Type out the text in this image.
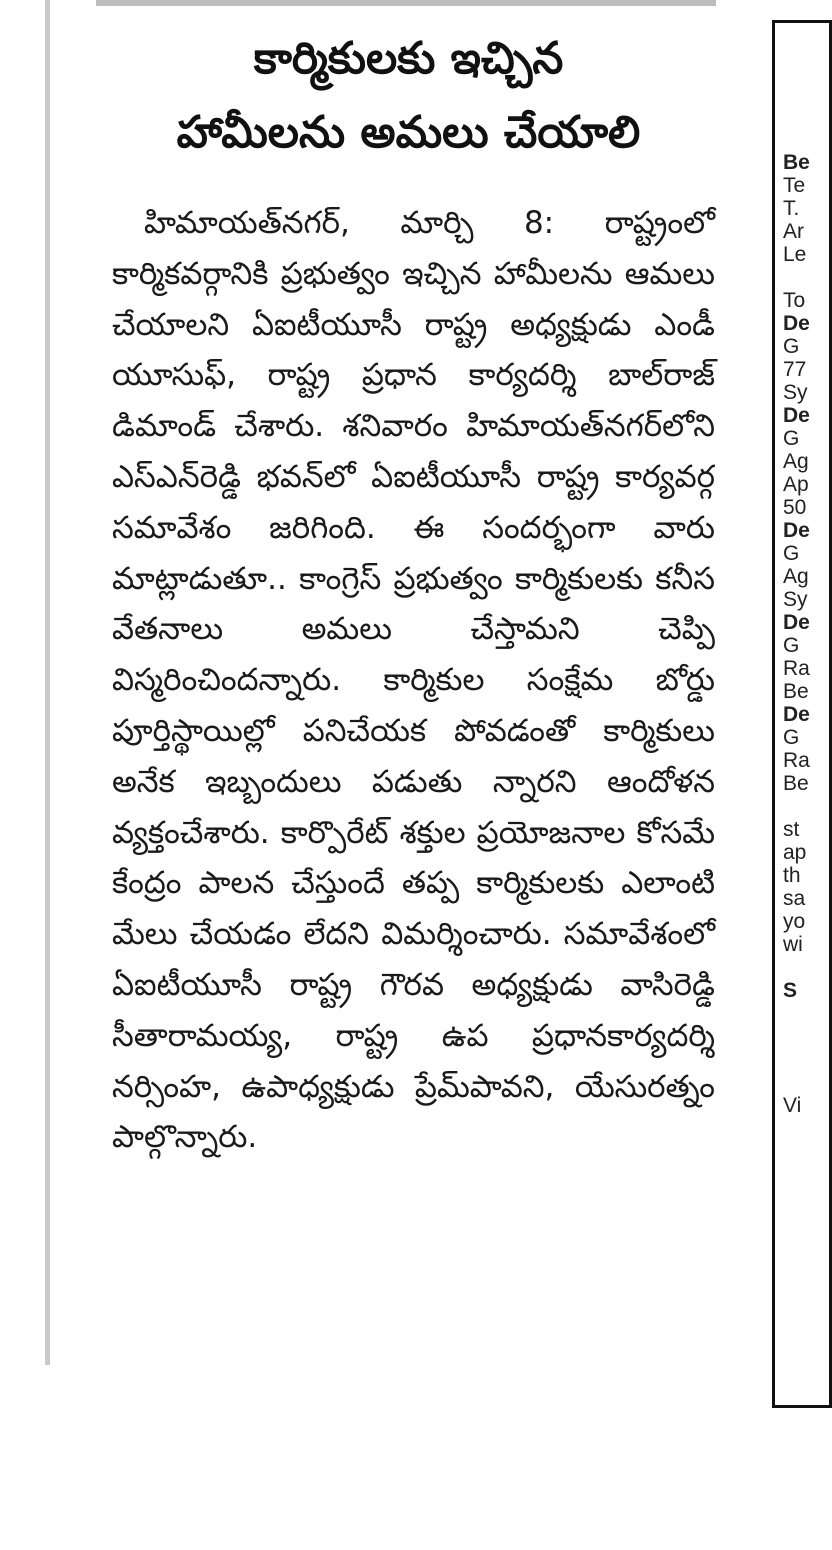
కార్మికులకు ఇచ్చిన
హామీలను అమలు చేయాలి
హిమాయత్‌నగర్, మార్చి 8: రాష్ట్రంలో కార్మికవర్గానికి ప్రభుత్వం ఇచ్చిన హామీలను ఆమలు చేయాలని ఏఐటీయూసీ రాష్ట్ర అధ్యక్షుడు ఎండీ యూసుఫ్, రాష్ట్ర ప్రధాన కార్యదర్శి బాల్‌రాజ్ డిమాండ్ చేశారు. శనివారం హిమాయత్‌నగర్‌లోని ఎస్ఎన్‌రెడ్డి భవన్‌లో ఏఐటీయూసీ రాష్ట్ర కార్యవర్గ సమావేశం జరిగింది. ఈ సందర్భంగా వారు మాట్లాడుతూ.. కాంగ్రెస్ ప్రభుత్వం కార్మికులకు కనీస వేతనాలు అమలు చేస్తామని చెప్పి విస్మరించిందన్నారు. కార్మికుల సంక్షేమ బోర్డు పూర్తిస్థాయిల్లో పనిచేయక పోవడంతో కార్మికులు అనేక ఇబ్బందులు పడుతు న్నారని ఆందోళన వ్యక్తంచేశారు. కార్పొరేట్ శక్తుల ప్రయోజనాల కోసమే కేంద్రం పాలన చేస్తుందే తప్ప కార్మికులకు ఎలాంటి మేలు చేయడం లేదని విమర్శించారు. సమావేశంలో ఏఐటీయూసీ రాష్ట్ర గౌరవ అధ్యక్షుడు వాసిరెడ్డి సీతారామయ్య, రాష్ట్ర ఉప ప్రధానకార్యదర్శి నర్సింహ, ఉపాధ్యక్షుడు ప్రేమ్‌పావని, యేసురత్నం పాల్గొన్నారు.
Be
Te
T.
Ar
Le
To
De
G
77
Sy
De
G
Ag
Ap
50
De
G
Ag
Sy
De
G
Ra
Be
De
G
Ra
Be
st
ap
th
sa
yo
wi
S
Vi
